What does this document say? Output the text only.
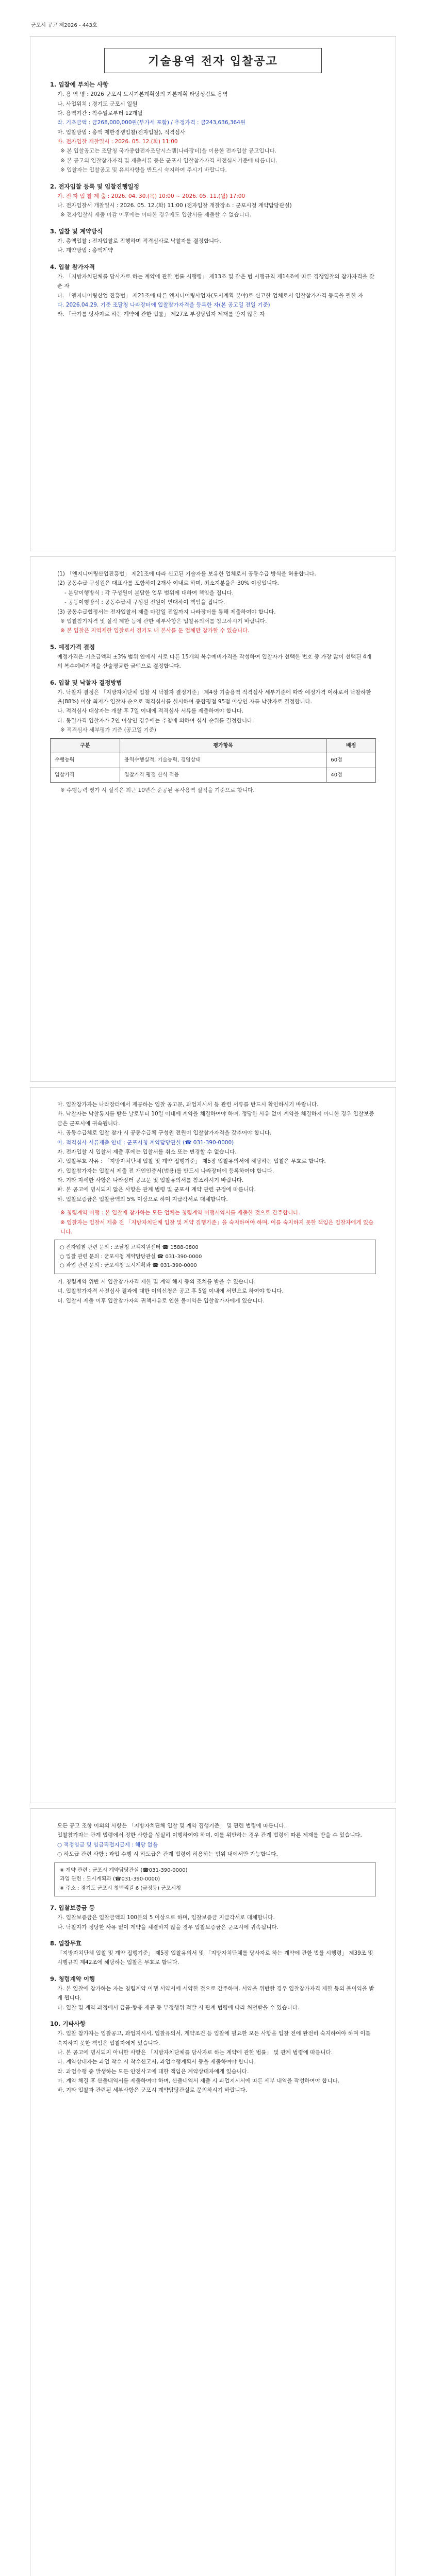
군포시 공고 제2026 - 443호
기술용역 전자 입찰공고
1. 입찰에 부치는 사항
가. 용 역 명 : 2026 군포시 도시기본계획상의 기본계획 타당성검토 용역
나. 사업위치 : 경기도 군포시 일원
다. 용역기간 : 착수일로부터 12개월
라. 기초금액 : 금268,000,000원(부가세 포함) / 추정가격 : 금243,636,364원
마. 입찰방법 : 총액 제한경쟁입찰(전자입찰), 적격심사
바. 전자입찰 개찰일시 : 2026. 05. 12.(화) 11:00
※ 본 입찰공고는 조달청 국가종합전자조달시스템(나라장터)을 이용한 전자입찰 공고입니다.
※ 본 공고의 입찰참가자격 및 제출서류 등은 군포시 입찰참가자격 사전심사기준에 따릅니다.
※ 입찰자는 입찰공고 및 유의사항을 반드시 숙지하여 주시기 바랍니다.
2. 전자입찰 등록 및 입찰진행일정
가. 전 자 입 찰 제 출 : 2026. 04. 30.(목) 10:00 ~ 2026. 05. 11.(월) 17:00
나. 전자입찰서 개찰일시 : 2026. 05. 12.(화) 11:00 (전자입찰 개찰장소 : 군포시청 계약담당관실)
※ 전자입찰서 제출 마감 이후에는 어떠한 경우에도 입찰서를 제출할 수 없습니다.
3. 입찰 및 계약방식
가. 총액입찰 : 전자입찰로 진행하며 적격심사로 낙찰자를 결정합니다.
나. 계약방법 : 총액계약
4. 입찰 참가자격
가. 「지방자치단체를 당사자로 하는 계약에 관한 법률 시행령」 제13조 및 같은 법 시행규칙 제14조에 따른 경쟁입찰의 참가자격을 갖춘 자
나. 「엔지니어링산업 진흥법」 제21조에 따른 엔지니어링사업자(도시계획 분야)로 신고한 업체로서 입찰참가자격 등록을 필한 자
다. 2026.04.29. 기준 조달청 나라장터에 입찰참가자격을 등록한 자(본 공고일 전일 기준)
라. 「국가를 당사자로 하는 계약에 관한 법률」 제27조 부정당업자 제재를 받지 않은 자
(1) 「엔지니어링산업진흥법」 제21조에 따라 신고된 기술자를 보유한 업체로서 공동수급 방식을 허용합니다.
(2) 공동수급 구성원은 대표사를 포함하여 2개사 이내로 하며, 최소지분율은 30% 이상입니다.
- 분담이행방식 : 각 구성원이 분담한 업무 범위에 대하여 책임을 집니다.
- 공동이행방식 : 공동수급체 구성원 전원이 연대하여 책임을 집니다.
(3) 공동수급협정서는 전자입찰서 제출 마감일 전일까지 나라장터를 통해 제출하여야 합니다.
※ 입찰참가자격 및 실적 제한 등에 관한 세부사항은 입찰유의서를 참고하시기 바랍니다.
※ 본 입찰은 지역제한 입찰로서 경기도 내 본사를 둔 업체만 참가할 수 있습니다.
5. 예정가격 결정
예정가격은 기초금액의 ±3% 범위 안에서 서로 다른 15개의 복수예비가격을 작성하여 입찰자가 선택한 번호 중 가장 많이 선택된 4개의 복수예비가격을 산술평균한 금액으로 결정합니다.
6. 입찰 및 낙찰자 결정방법
가. 낙찰자 결정은 「지방자치단체 입찰 시 낙찰자 결정기준」 제4장 기술용역 적격심사 세부기준에 따라 예정가격 이하로서 낙찰하한율(88%) 이상 최저가 입찰자 순으로 적격심사를 실시하여 종합평점 95점 이상인 자를 낙찰자로 결정합니다.
나. 적격심사 대상자는 개찰 후 7일 이내에 적격심사 서류를 제출하여야 합니다.
다. 동일가격 입찰자가 2인 이상인 경우에는 추첨에 의하여 심사 순위를 결정합니다.
※ 적격심사 세부평가 기준 (공고일 기준)
구분	평가항목	배점
수행능력	용역수행실적, 기술능력, 경영상태	60점
입찰가격	입찰가격 평점 산식 적용	40점
※ 수행능력 평가 시 실적은 최근 10년간 준공된 유사용역 실적을 기준으로 합니다.
마. 입찰참가자는 나라장터에서 제공하는 입찰 공고문, 과업지시서 등 관련 서류를 반드시 확인하시기 바랍니다.
바. 낙찰자는 낙찰통지를 받은 날로부터 10일 이내에 계약을 체결하여야 하며, 정당한 사유 없이 계약을 체결하지 아니한 경우 입찰보증금은 군포시에 귀속됩니다.
사. 공동수급체로 입찰 참가 시 공동수급체 구성원 전원이 입찰참가자격을 갖추어야 합니다.
아. 적격심사 서류제출 안내 : 군포시청 계약담당관실 (☎ 031-390-0000)
자. 전자입찰 시 입찰서 제출 후에는 입찰서를 취소 또는 변경할 수 없습니다.
차. 입찰무효 사유 : 「지방자치단체 입찰 및 계약 집행기준」 제5장 입찰유의서에 해당하는 입찰은 무효로 합니다.
카. 입찰참가자는 입찰서 제출 전 개인인증서(범용)를 반드시 나라장터에 등록하여야 합니다.
타. 기타 자세한 사항은 나라장터 공고문 및 입찰유의서를 참조하시기 바랍니다.
파. 본 공고에 명시되지 않은 사항은 관계 법령 및 군포시 계약 관련 규정에 따릅니다.
하. 입찰보증금은 입찰금액의 5% 이상으로 하며 지급각서로 대체합니다.
※ 청렴계약 이행 : 본 입찰에 참가하는 모든 업체는 청렴계약 이행서약서를 제출한 것으로 간주합니다.
※ 입찰자는 입찰서 제출 전 「지방자치단체 입찰 및 계약 집행기준」을 숙지하여야 하며, 이를 숙지하지 못한 책임은 입찰자에게 있습니다.
○ 전자입찰 관련 문의 : 조달청 고객지원센터 ☎ 1588-0800
○ 입찰 관련 문의 : 군포시청 계약담당관실 ☎ 031-390-0000
○ 과업 관련 문의 : 군포시청 도시계획과 ☎ 031-390-0000
거. 청렴계약 위반 시 입찰참가자격 제한 및 계약 해지 등의 조치를 받을 수 있습니다.
너. 입찰참가자격 사전심사 결과에 대한 이의신청은 공고 후 5일 이내에 서면으로 하여야 합니다.
더. 입찰서 제출 이후 입찰참가자의 귀책사유로 인한 불이익은 입찰참가자에게 있습니다.
모든 공고 조항 이외의 사항은 「지방자치단체 입찰 및 계약 집행기준」 및 관련 법령에 따릅니다.
입찰참가자는 관계 법령에서 정한 사항을 성실히 이행하여야 하며, 이를 위반하는 경우 관계 법령에 따른 제재를 받을 수 있습니다.
○ 적정임금 및 임금직접지급제 : 해당 없음
○ 하도급 관련 사항 : 과업 수행 시 하도급은 관계 법령이 허용하는 범위 내에서만 가능합니다.
※ 계약 관련 : 군포시 계약담당관실 (☎031-390-0000)
과업 관련 : 도시계획과 (☎031-390-0000)
※ 주소 : 경기도 군포시 청백리길 6 (금정동) 군포시청
7. 입찰보증금 등
가. 입찰보증금은 입찰금액의 100분의 5 이상으로 하며, 입찰보증금 지급각서로 대체합니다.
나. 낙찰자가 정당한 사유 없이 계약을 체결하지 않을 경우 입찰보증금은 군포시에 귀속됩니다.
8. 입찰무효
「지방자치단체 입찰 및 계약 집행기준」 제5장 입찰유의서 및 「지방자치단체를 당사자로 하는 계약에 관한 법률 시행령」 제39조 및 시행규칙 제42조에 해당하는 입찰은 무효로 합니다.
9. 청렴계약 이행
가. 본 입찰에 참가하는 자는 청렴계약 이행 서약서에 서약한 것으로 간주하며, 서약을 위반할 경우 입찰참가자격 제한 등의 불이익을 받게 됩니다.
나. 입찰 및 계약 과정에서 금품·향응 제공 등 부정행위 적발 시 관계 법령에 따라 처벌받을 수 있습니다.
10. 기타사항
가. 입찰 참가자는 입찰공고, 과업지시서, 입찰유의서, 계약조건 등 입찰에 필요한 모든 사항을 입찰 전에 완전히 숙지하여야 하며 이를 숙지하지 못한 책임은 입찰자에게 있습니다.
나. 본 공고에 명시되지 아니한 사항은 「지방자치단체를 당사자로 하는 계약에 관한 법률」 및 관계 법령에 따릅니다.
다. 계약상대자는 과업 착수 시 착수신고서, 과업수행계획서 등을 제출하여야 합니다.
라. 과업수행 중 발생하는 모든 안전사고에 대한 책임은 계약상대자에게 있습니다.
마. 계약 체결 후 산출내역서를 제출하여야 하며, 산출내역서 제출 시 과업지시서에 따른 세부 내역을 작성하여야 합니다.
바. 기타 입찰과 관련된 세부사항은 군포시 계약담당관실로 문의하시기 바랍니다.
